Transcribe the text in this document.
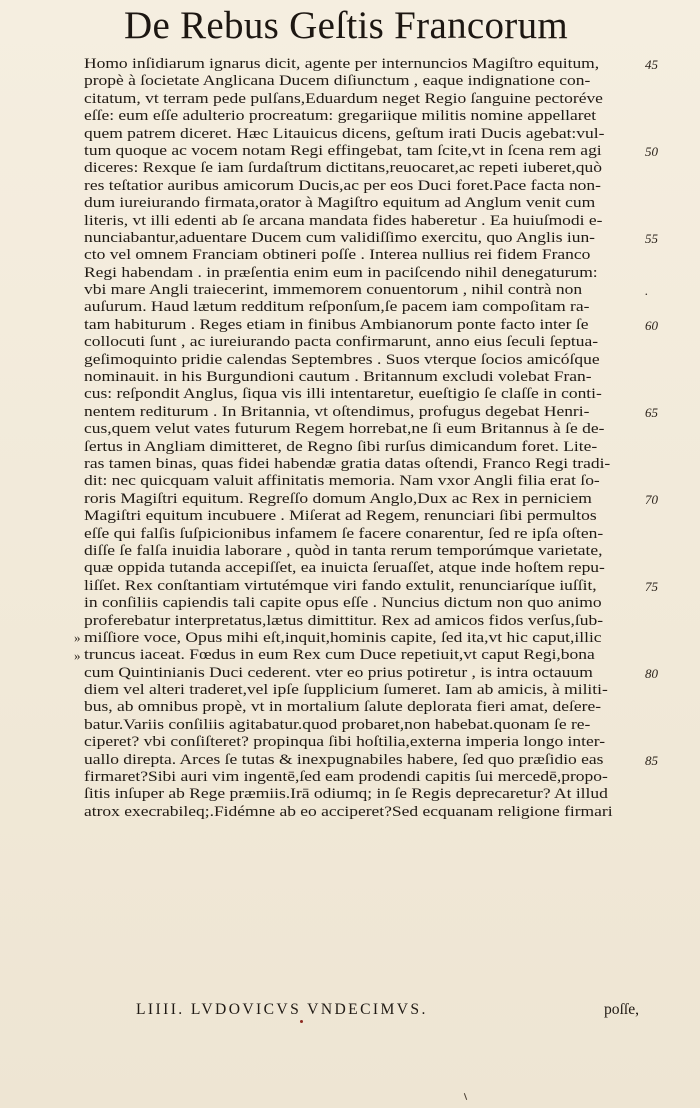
De Rebus Geſtis Francorum
Homo inſidiarum ignarus dicit, agente per internuncios Magiſtro equitum,
propè à ſocietate Anglicana Ducem diſiunctum , eaque indignatione con-
citatum, vt terram pede pulſans,Eduardum neget Regio ſanguine pectoréve
eſſe: eum eſſe adulterio procreatum: gregariique militis nomine appellaret
quem patrem diceret. Hæc Litauicus dicens, geſtum irati Ducis agebat:vul-
tum quoque ac vocem notam Regi effingebat, tam ſcite,vt in ſcena rem agi
diceres: Rexque ſe iam ſurdaſtrum dictitans,reuocaret,ac repeti iuberet,quò
res teſtatior auribus amicorum Ducis,ac per eos Duci foret.Pace facta non-
dum iureiurando firmata,orator à Magiſtro equitum ad Anglum venit cum
literis, vt illi edenti ab ſe arcana mandata fides haberetur . Ea huiuſmodi e-
nunciabantur,aduentare Ducem cum validiſſimo exercitu, quo Anglis iun-
cto vel omnem Franciam obtineri poſſe . Interea nullius rei fidem Franco
Regi habendam . in præſentia enim eum in paciſcendo nihil denegaturum:
vbi mare Angli traiecerint, immemorem conuentorum , nihil contrà non
auſurum. Haud lætum redditum reſponſum,ſe pacem iam compoſitam ra-
tam habiturum . Reges etiam in finibus Ambianorum ponte facto inter ſe
collocuti ſunt , ac iureiurando pacta confirmarunt, anno eius ſeculi ſeptua-
geſimoquinto pridie calendas Septembres . Suos vterque ſocios amicóſque
nominauit. in his Burgundioni cautum . Britannum excludi volebat Fran-
cus: reſpondit Anglus, ſiqua vis illi intentaretur, eueſtigio ſe claſſe in conti-
nentem rediturum . In Britannia, vt oſtendimus, profugus degebat Henri-
cus,quem velut vates futurum Regem horrebat,ne ſi eum Britannus à ſe de-
ſertus in Angliam dimitteret, de Regno ſibi rurſus dimicandum foret. Lite-
ras tamen binas, quas fidei habendæ gratia datas oſtendi, Franco Regi tradi-
dit: nec quicquam valuit affinitatis memoria. Nam vxor Angli filia erat ſo-
roris Magiſtri equitum. Regreſſo domum Anglo,Dux ac Rex in perniciem
Magiſtri equitum incubuere . Miſerat ad Regem, renunciari ſibi permultos
eſſe qui falſis ſuſpicionibus infamem ſe facere conarentur, ſed re ipſa oſten-
diſſe ſe falſa inuidia laborare , quòd in tanta rerum temporúmque varietate,
quæ oppida tutanda accepiſſet, ea inuicta ſeruaſſet, atque inde hoſtem repu-
liſſet. Rex conſtantiam virtutémque viri fando extulit, renunciaríque iuſſit,
in conſiliis capiendis tali capite opus eſſe . Nuncius dictum non quo animo
proferebatur interpretatus,lætus dimittitur. Rex ad amicos fidos verſus,ſub-
miſſiore voce, Opus mihi eſt,inquit,hominis capite, ſed ita,vt hic caput,illic
truncus iaceat. Fœdus in eum Rex cum Duce repetiuit,vt caput Regi,bona
cum Quintinianis Duci cederent. vter eo prius potiretur , is intra octauum
diem vel alteri traderet,vel ipſe ſupplicium ſumeret. Iam ab amicis, à militi-
bus, ab omnibus propè, vt in mortalium ſalute deplorata fieri amat, deſere-
batur.Variis conſiliis agitabatur.quod probaret,non habebat.quonam ſe re-
ciperet? vbi conſiſteret? propinqua ſibi hoſtilia,externa imperia longo inter-
uallo direpta. Arces ſe tutas & inexpugnabiles habere, ſed quo præſidio eas
firmaret?Sibi auri vim ingentē,ſed eam prodendi capitis ſui mercedē,propo-
ſitis inſuper ab Rege præmiis.Irā odiumq; in ſe Regis deprecaretur? At illud
atrox execrabileq;.Fidémne ab eo acciperet?Sed ecquanam religione firmari
45
50
55
.
60
65
70
75
80
85
»
»
LIIII. LVDOVICVS VNDECIMVS.	poſſe,
